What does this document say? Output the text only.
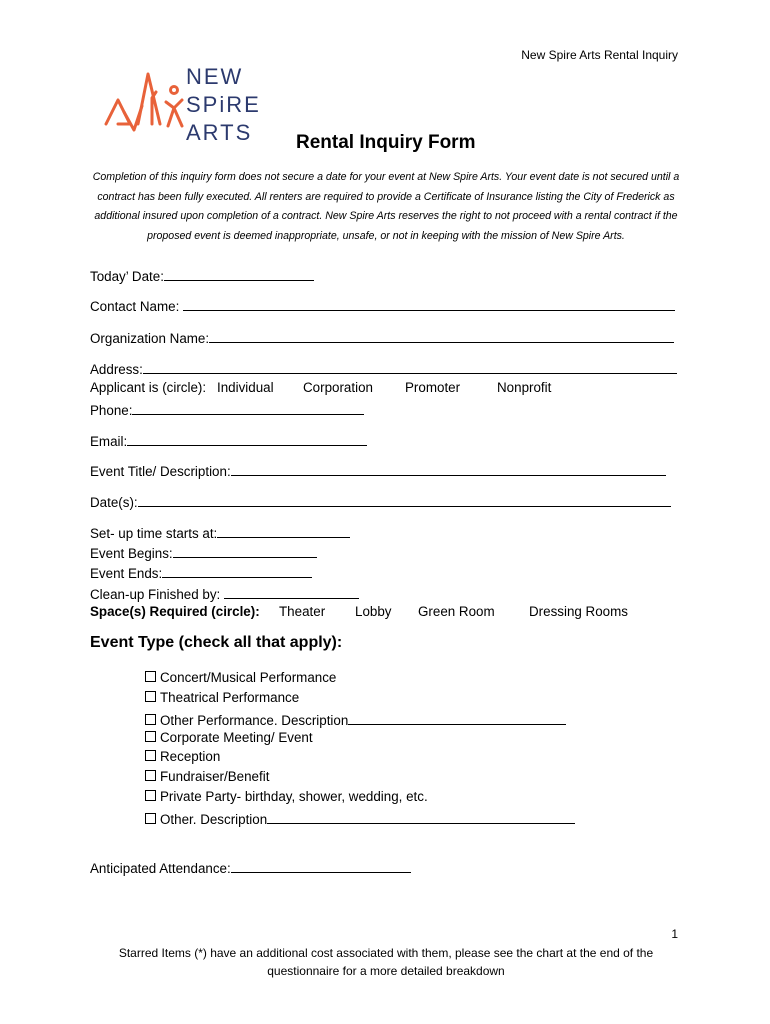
New Spire Arts Rental Inquiry
NEW
SPiRE
ARTS Rental Inquiry Form
Completion of this inquiry form does not secure a date for your event at New Spire Arts. Your event date is not secured until a contract has been fully executed. All renters are required to provide a Certificate of Insurance listing the City of Frederick as additional insured upon completion of a contract. New Spire Arts reserves the right to not proceed with a rental contract if the proposed event is deemed inappropriate, unsafe, or not in keeping with the mission of New Spire Arts.
Today’ Date:
Contact Name:
Organization Name:
Address:
Applicant is (circle): Individual Corporation Promoter	Nonprofit
Phone:
Email:
Event Title/ Description:
Date(s):
Set- up time starts at:
Event Begins:
Event Ends:
Clean-up Finished by:
Space(s) Required (circle): Theater Lobby Green Room	Dressing Rooms
Event Type (check all that apply):
Concert/Musical Performance
Theatrical Performance
Other Performance. Description
Corporate Meeting/ Event
Reception
Fundraiser/Benefit
Private Party- birthday, shower, wedding, etc.
Other. Description
Anticipated Attendance:
1
Starred Items (*) have an additional cost associated with them, please see the chart at the end of the questionnaire for a more detailed breakdown
